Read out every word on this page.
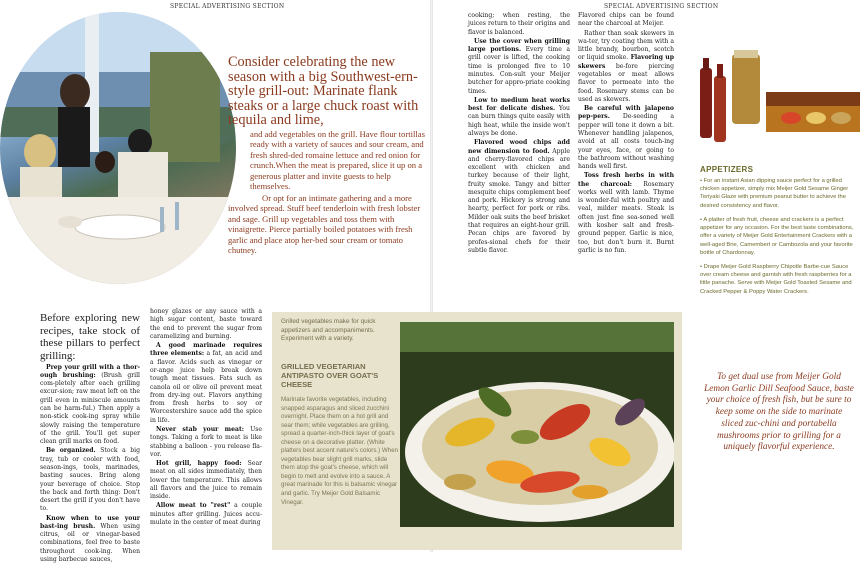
SPECIAL ADVERTISING SECTION	SPECIAL ADVERTISING SECTION

Consider celebrating the new season with a big Southwest-ern-style grill-out: Marinate flank steaks or a large chuck roast with tequila and lime,

and add vegetables on the grill. Have flour tortillas ready with a variety of sauces and sour cream, and fresh shred-ded romaine lettuce and red onion for crunch.When the meat is prepared, slice it up on a generous platter and invite guests to help themselves.

Or opt for an intimate gathering and a more involved spread. Stuff beef tenderloin with fresh lobster and sage. Grill up vegetables and toss them with vinaigrette. Pierce partially boiled potatoes with fresh garlic and place atop her-bed sour cream or tomato chutney.

Before exploring new recipes, take stock of these pillars to perfect grilling:

Prep your grill with a thor-ough brushing: (Brush grill com-pletely after each grilling excur-sion; raw meat left on the grill even in miniscule amounts can be harm-ful.) Then apply a non-stick cook-ing spray while slowly raising the temperature of the grill. You'll get super clean grill marks on food.

Be organized. Stock a big tray, tub or cooler with food, season-ings, tools, marinades, basting sauces. Bring along your beverage of choice. Stop the back and forth thing: Don't desert the grill if you don't have to.

Know when to use your bast-ing brush. When using citrus, oil or vinegar-based combinations, feel free to baste throughout cook-ing. When using barbecue sauces,

honey glazes or any sauce with a high sugar content, baste toward the end to prevent the sugar from caramelizing and burning.

A good marinade requires three elements: a fat, an acid and a flavor. Acids such as vinegar or or-ange juice help break down tough meat tissues. Fats such as canola oil or olive oil prevent meat from dry-ing out. Flavors anything from fresh herbs to soy or Worcestershire sauce add the spice in life.

Never stab your meat: Use tongs. Taking a fork to meat is like stabbing a balloon - you release fla-vor.

Hot grill, happy food: Sear meat on all sides immediately, then lower the temperature. This allows all flavors and the juice to remain inside.

Allow meat to "rest" a couple minutes after grilling. Juices accu-mulate in the center of meat during

cooking; when resting, the juices return to their origins and flavor is balanced.

Use the cover when grilling large portions. Every time a grill cover is lifted, the cooking time is prolonged five to 10 minutes. Con-sult your Meijer butcher for appro-priate cooking times.

Low to medium heat works best for delicate dishes. You can burn things quite easily with high heat, while the inside won't always be done.

Flavored wood chips add new dimension to food. Apple and cherry-flavored chips are excellent with chicken and turkey because of their light, fruity smoke. Tangy and bitter mesquite chips complement beef and pork. Hickory is strong and hearty, perfect for pork or ribs. Milder oak suits the beef brisket that requires an eight-hour grill. Pecan chips are favored by profes-sional chefs for their subtle flavor.

Flavored chips can be found near the charcoal at Meijer.

Rather than soak skewers in wa-ter, try coating them with a little brandy, bourbon, scotch or liquid smoke. Flavoring up skewers be-fore piercing vegetables or meat allows flavor to permeate into the food. Rosemary stems can be used as skewers.

Be careful with jalapeno pep-pers. De-seeding a pepper will tone it down a bit. Whenever handling jalapenos, avoid at all costs touch-ing your eyes, face, or going to the bathroom without washing hands well first.

Toss fresh herbs in with the charcoal: Rosemary works well with lamb. Thyme is wonder-ful with poultry and veal, milder meats. Steak is often just fine sea-soned well with kosher salt and fresh-ground pepper. Garlic is nice, too, but don't burn it. Burnt garlic is no fun.

Grilled vegetables make for quick appetizers and accompaniments. Experiment with a variety.
GRILLED VEGETARIAN ANTIPASTO OVER GOAT'S CHEESE
Marinate favorite vegetables, including snapped asparagus and sliced zucchini overnight. Place them on a hot grill and sear them; while vegetables are grilling, spread a quarter-inch-thick layer of goat's cheese on a decorative platter. (White platters best accent nature's colors.) When vegetables bear slight grill marks, slide them atop the goat's cheese, which will begin to melt and evolve into a sauce. A great marinade for this is balsamic vinegar and garlic. Try Meijer Gold Balsamic Vinegar.
APPETIZERS
• For an instant Asian dipping sauce perfect for a grilled chicken appetizer, simply mix Meijer Gold Sesame Ginger Teriyaki Glaze with premium peanut butter to achieve the desired consistency and flavor.
• A platter of fresh fruit, cheese and crackers is a perfect appetizer for any occasion. For the best taste combinations, offer a variety of Meijer Gold Entertainment Crackers with a well-aged Brie, Camembert or Cambozola and your favorite bottle of Chardonnay.
• Drape Meijer Gold Raspberry Chipotle Barbe-cue Sauce over cream cheese and garnish with fresh raspberries for a little panache. Serve with Meijer Gold Toasted Sesame and Cracked Pepper & Poppy Water Crackers.
To get dual use from Meijer Gold Lemon Garlic Dill Seafood Sauce, baste your choice of fresh fish, but be sure to keep some on the side to marinate sliced zuc-chini and portabella mushrooms prior to grilling for a uniquely flavorful experience.
